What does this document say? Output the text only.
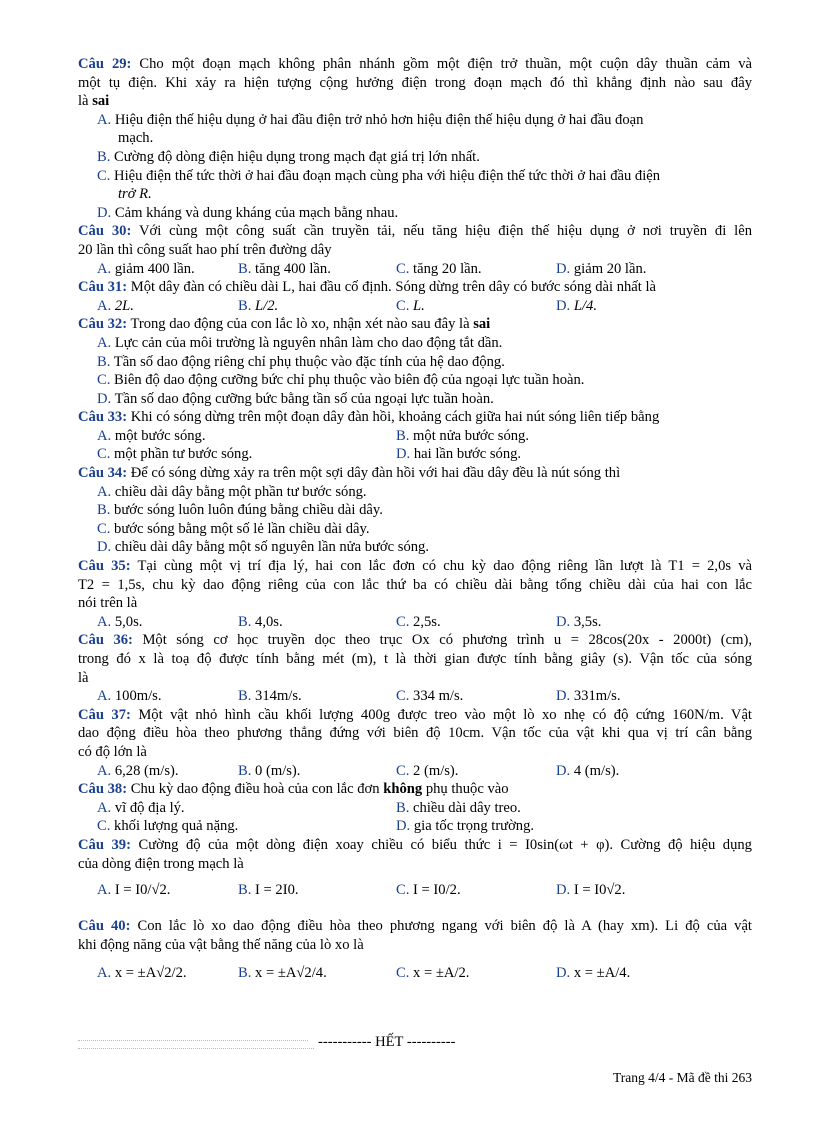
Câu 29: Cho một đoạn mạch không phân nhánh gồm một điện trở thuần, một cuộn dây thuần cảm và
một tụ điện. Khi xảy ra hiện tượng cộng hưởng điện trong đoạn mạch đó thì khẳng định nào sau đây
là sai
A. Hiệu điện thế hiệu dụng ở hai đầu điện trở nhỏ hơn hiệu điện thế hiệu dụng ở hai đầu đoạn
mạch.
B. Cường độ dòng điện hiệu dụng trong mạch đạt giá trị lớn nhất.
C. Hiệu điện thế tức thời ở hai đầu đoạn mạch cùng pha với hiệu điện thế tức thời ở hai đầu điện
trở R.
D. Cảm kháng và dung kháng của mạch bằng nhau.
Câu 30: Với cùng một công suất cần truyền tải, nếu tăng hiệu điện thế hiệu dụng ở nơi truyền đi lên
20 lần thì công suất hao phí trên đường dây
A. giảm 400 lần.	B. tăng 400 lần.	C. tăng 20 lần.	D. giảm 20 lần.
Câu 31: Một dây đàn có chiều dài L, hai đầu cố định. Sóng dừng trên dây có bước sóng dài nhất là
A. 2L.	B. L/2.	C. L.	D. L/4.
Câu 32: Trong dao động của con lắc lò xo, nhận xét nào sau đây là sai
A. Lực cản của môi trường là nguyên nhân làm cho dao động tắt dần.
B. Tần số dao động riêng chỉ phụ thuộc vào đặc tính của hệ dao động.
C. Biên độ dao động cưỡng bức chỉ phụ thuộc vào biên độ của ngoại lực tuần hoàn.
D. Tần số dao động cưỡng bức bằng tần số của ngoại lực tuần hoàn.
Câu 33: Khi có sóng dừng trên một đoạn dây đàn hồi, khoảng cách giữa hai nút sóng liên tiếp bằng
A. một bước sóng.	B. một nửa bước sóng.
C. một phần tư bước sóng.	D. hai lần bước sóng.
Câu 34: Để có sóng dừng xảy ra trên một sợi dây đàn hồi với hai đầu dây đều là nút sóng thì
A. chiều dài dây bằng một phần tư bước sóng.
B. bước sóng luôn luôn đúng bằng chiều dài dây.
C. bước sóng bằng một số lẻ lần chiều dài dây.
D. chiều dài dây bằng một số nguyên lần nửa bước sóng.
Câu 35: Tại cùng một vị trí địa lý, hai con lắc đơn có chu kỳ dao động riêng lần lượt là T1 = 2,0s và
T2 = 1,5s, chu kỳ dao động riêng của con lắc thứ ba có chiều dài bằng tổng chiều dài của hai con lắc
nói trên là
A. 5,0s.	B. 4,0s.	C. 2,5s.	D. 3,5s.
Câu 36: Một sóng cơ học truyền dọc theo trục Ox có phương trình u = 28cos(20x - 2000t) (cm),
trong đó x là toạ độ được tính bằng mét (m), t là thời gian được tính bằng giây (s). Vận tốc của sóng
là
A. 100m/s.	B. 314m/s.	C. 334 m/s.	D. 331m/s.
Câu 37: Một vật nhỏ hình cầu khối lượng 400g được treo vào một lò xo nhẹ có độ cứng 160N/m. Vật
dao động điều hòa theo phương thẳng đứng với biên độ 10cm. Vận tốc của vật khi qua vị trí cân bằng
có độ lớn là
A. 6,28 (m/s).	B. 0 (m/s).	C. 2 (m/s).	D. 4 (m/s).
Câu 38: Chu kỳ dao động điều hoà của con lắc đơn không phụ thuộc vào
A. vĩ độ địa lý.	B. chiều dài dây treo.
C. khối lượng quả nặng.	D. gia tốc trọng trường.
Câu 39: Cường độ của một dòng điện xoay chiều có biểu thức i = I0sin(ωt + φ). Cường độ hiệu dụng
của dòng điện trong mạch là
A. I = I0/√2.	B. I = 2I0.	C. I = I0/2.	D. I = I0√2.
Câu 40: Con lắc lò xo dao động điều hòa theo phương ngang với biên độ là A (hay xm). Li độ của vật
khi động năng của vật bằng thế năng của lò xo là
A. x = ±A√2/2.	B. x = ±A√2/4.	C. x = ±A/2.	D. x = ±A/4.
----------- HẾT ----------
Trang 4/4 - Mã đề thi 263
